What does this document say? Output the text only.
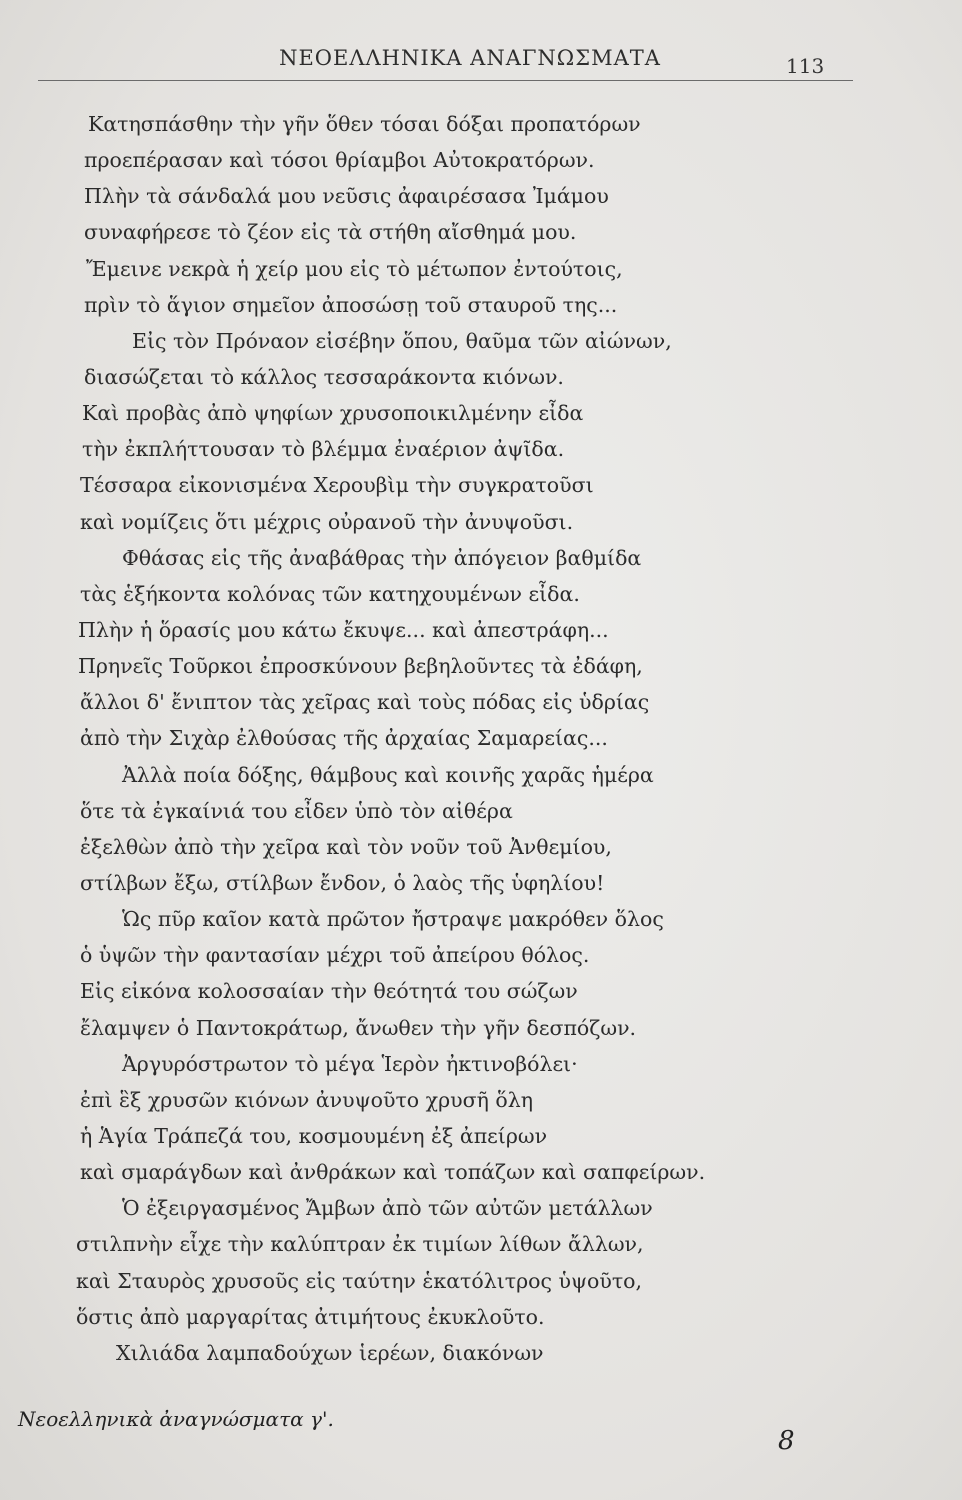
ΝΕΟΕΛΛΗΝΙΚΑ ΑΝΑΓΝΩΣΜΑΤΑ	113
Κατησπάσθην τὴν γῆν ὅθεν τόσαι δόξαι προπατόρων
προεπέρασαν καὶ τόσοι θρίαμβοι Αὐτοκρατόρων.
Πλὴν τὰ σάνδαλά μου νεῦσις ἀφαιρέσασα Ἰμάμου
συναφήρεσε τὸ ζέον εἰς τὰ στήθη αἴσθημά μου.
Ἔμεινε νεκρὰ ἡ χείρ μου εἰς τὸ μέτωπον ἐντούτοις,
πρὶν τὸ ἅγιον σημεῖον ἀποσώσῃ τοῦ σταυροῦ της...
Εἰς τὸν Πρόναον εἰσέβην ὅπου, θαῦμα τῶν αἰώνων,
διασώζεται τὸ κάλλος τεσσαράκοντα κιόνων.
Καὶ προβὰς ἀπὸ ψηφίων χρυσοποικιλμένην εἶδα
τὴν ἐκπλήττουσαν τὸ βλέμμα ἐναέριον ἀψῖδα.
Τέσσαρα εἰκονισμένα Χερουβὶμ τὴν συγκρατοῦσι
καὶ νομίζεις ὅτι μέχρις οὐρανοῦ τὴν ἀνυψοῦσι.
Φθάσας εἰς τῆς ἀναβάθρας τὴν ἀπόγειον βαθμίδα
τὰς ἑξήκοντα κολόνας τῶν κατηχουμένων εἶδα.
Πλὴν ἡ ὅρασίς μου κάτω ἔκυψε... καὶ ἀπεστράφη...
Πρηνεῖς Τοῦρκοι ἐπροσκύνουν βεβηλοῦντες τὰ ἐδάφη,
ἄλλοι δ' ἔνιπτον τὰς χεῖρας καὶ τοὺς πόδας εἰς ὑδρίας
ἀπὸ τὴν Σιχὰρ ἐλθούσας τῆς ἀρχαίας Σαμαρείας...
Ἀλλὰ ποία δόξης, θάμβους καὶ κοινῆς χαρᾶς ἡμέρα
ὅτε τὰ ἐγκαίνιά του εἶδεν ὑπὸ τὸν αἰθέρα
ἐξελθὼν ἀπὸ τὴν χεῖρα καὶ τὸν νοῦν τοῦ Ἀνθεμίου,
στίλβων ἔξω, στίλβων ἔνδον, ὁ λαὸς τῆς ὑφηλίου!
Ὡς πῦρ καῖον κατὰ πρῶτον ἤστραψε μακρόθεν ὅλος
ὁ ὑψῶν τὴν φαντασίαν μέχρι τοῦ ἀπείρου θόλος.
Εἰς εἰκόνα κολοσσαίαν τὴν θεότητά του σώζων
ἔλαμψεν ὁ Παντοκράτωρ, ἄνωθεν τὴν γῆν δεσπόζων.
Ἀργυρόστρωτον τὸ μέγα Ἱερὸν ἠκτινοβόλει·
ἐπὶ ἓξ χρυσῶν κιόνων ἀνυψοῦτο χρυσῆ ὅλη
ἡ Ἁγία Τράπεζά του, κοσμουμένη ἐξ ἀπείρων
καὶ σμαράγδων καὶ ἀνθράκων καὶ τοπάζων καὶ σαπφείρων.
Ὁ ἐξειργασμένος Ἄμβων ἀπὸ τῶν αὐτῶν μετάλλων
στιλπνὴν εἶχε τὴν καλύπτραν ἐκ τιμίων λίθων ἄλλων,
καὶ Σταυρὸς χρυσοῦς εἰς ταύτην ἑκατόλιτρος ὑψοῦτο,
ὅστις ἀπὸ μαργαρίτας ἀτιμήτους ἐκυκλοῦτο.
Χιλιάδα λαμπαδούχων ἱερέων, διακόνων
Νεοελληνικὰ ἀναγνώσματα γ'.
8
